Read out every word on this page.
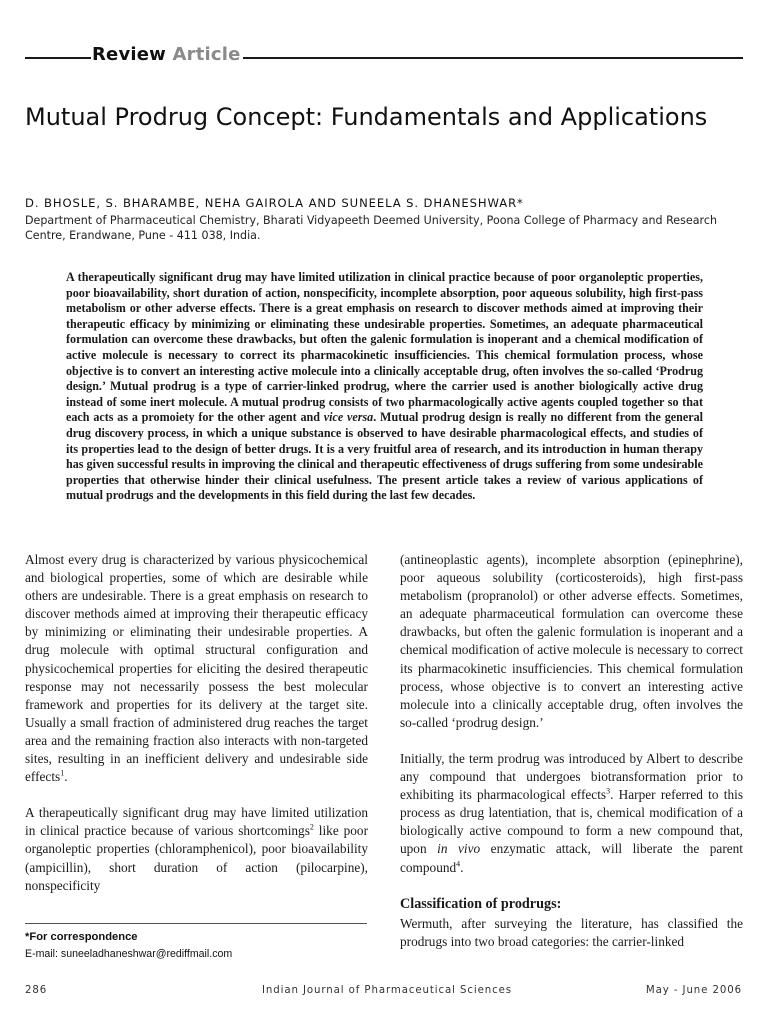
Review Article
Mutual Prodrug Concept: Fundamentals and Applications
D. BHOSLE, S. BHARAMBE, NEHA GAIROLA AND SUNEELA S. DHANESHWAR*
Department of Pharmaceutical Chemistry, Bharati Vidyapeeth Deemed University, Poona College of Pharmacy and Research Centre, Erandwane, Pune - 411 038, India.
A therapeutically significant drug may have limited utilization in clinical practice because of poor organoleptic properties, poor bioavailability, short duration of action, nonspecificity, incomplete absorption, poor aqueous solubility, high first-pass metabolism or other adverse effects. There is a great emphasis on research to discover methods aimed at improving their therapeutic efficacy by minimizing or eliminating these undesirable properties. Sometimes, an adequate pharmaceutical formulation can overcome these drawbacks, but often the galenic formulation is inoperant and a chemical modification of active molecule is necessary to correct its pharmacokinetic insufficiencies. This chemical formulation process, whose objective is to convert an interesting active molecule into a clinically acceptable drug, often involves the so-called ‘Prodrug design.’ Mutual prodrug is a type of carrier-linked prodrug, where the carrier used is another biologically active drug instead of some inert molecule. A mutual prodrug consists of two pharmacologically active agents coupled together so that each acts as a promoiety for the other agent and vice versa. Mutual prodrug design is really no different from the general drug discovery process, in which a unique substance is observed to have desirable pharmacological effects, and studies of its properties lead to the design of better drugs. It is a very fruitful area of research, and its introduction in human therapy has given successful results in improving the clinical and therapeutic effectiveness of drugs suffering from some undesirable properties that otherwise hinder their clinical usefulness. The present article takes a review of various applications of mutual prodrugs and the developments in this field during the last few decades.

Almost every drug is characterized by various physicochemical and biological properties, some of which are desirable while others are undesirable. There is a great emphasis on research to discover methods aimed at improving their therapeutic efficacy by minimizing or eliminating their undesirable properties. A drug molecule with optimal structural configuration and physicochemical properties for eliciting the desired therapeutic response may not necessarily possess the best molecular framework and properties for its delivery at the target site. Usually a small fraction of administered drug reaches the target area and the remaining fraction also interacts with non-targeted sites, resulting in an inefficient delivery and undesirable side effects$^1$.

A therapeutically significant drug may have limited utilization in clinical practice because of various shortcomings$^2$ like poor organoleptic properties (chloramphenicol), poor bioavailability (ampicillin), short duration of action (pilocarpine), nonspecificity

(antineoplastic agents), incomplete absorption (epinephrine), poor aqueous solubility (corticosteroids), high first-pass metabolism (propranolol) or other adverse effects. Sometimes, an adequate pharmaceutical formulation can overcome these drawbacks, but often the galenic formulation is inoperant and a chemical modification of active molecule is necessary to correct its pharmacokinetic insufficiencies. This chemical formulation process, whose objective is to convert an interesting active molecule into a clinically acceptable drug, often involves the so-called ‘prodrug design.’

Initially, the term prodrug was introduced by Albert to describe any compound that undergoes biotransformation prior to exhibiting its pharmacological effects$^3$. Harper referred to this process as drug latentiation, that is, chemical modification of a biologically active compound to form a new compound that, upon in vivo enzymatic attack, will liberate the parent compound$^4$.

Classification of prodrugs:

Wermuth, after surveying the literature, has classified the prodrugs into two broad categories: the carrier-linked

*For correspondence
E-mail: suneeladhaneshwar@rediffmail.com
286	Indian Journal of Pharmaceutical Sciences	May - June 2006
